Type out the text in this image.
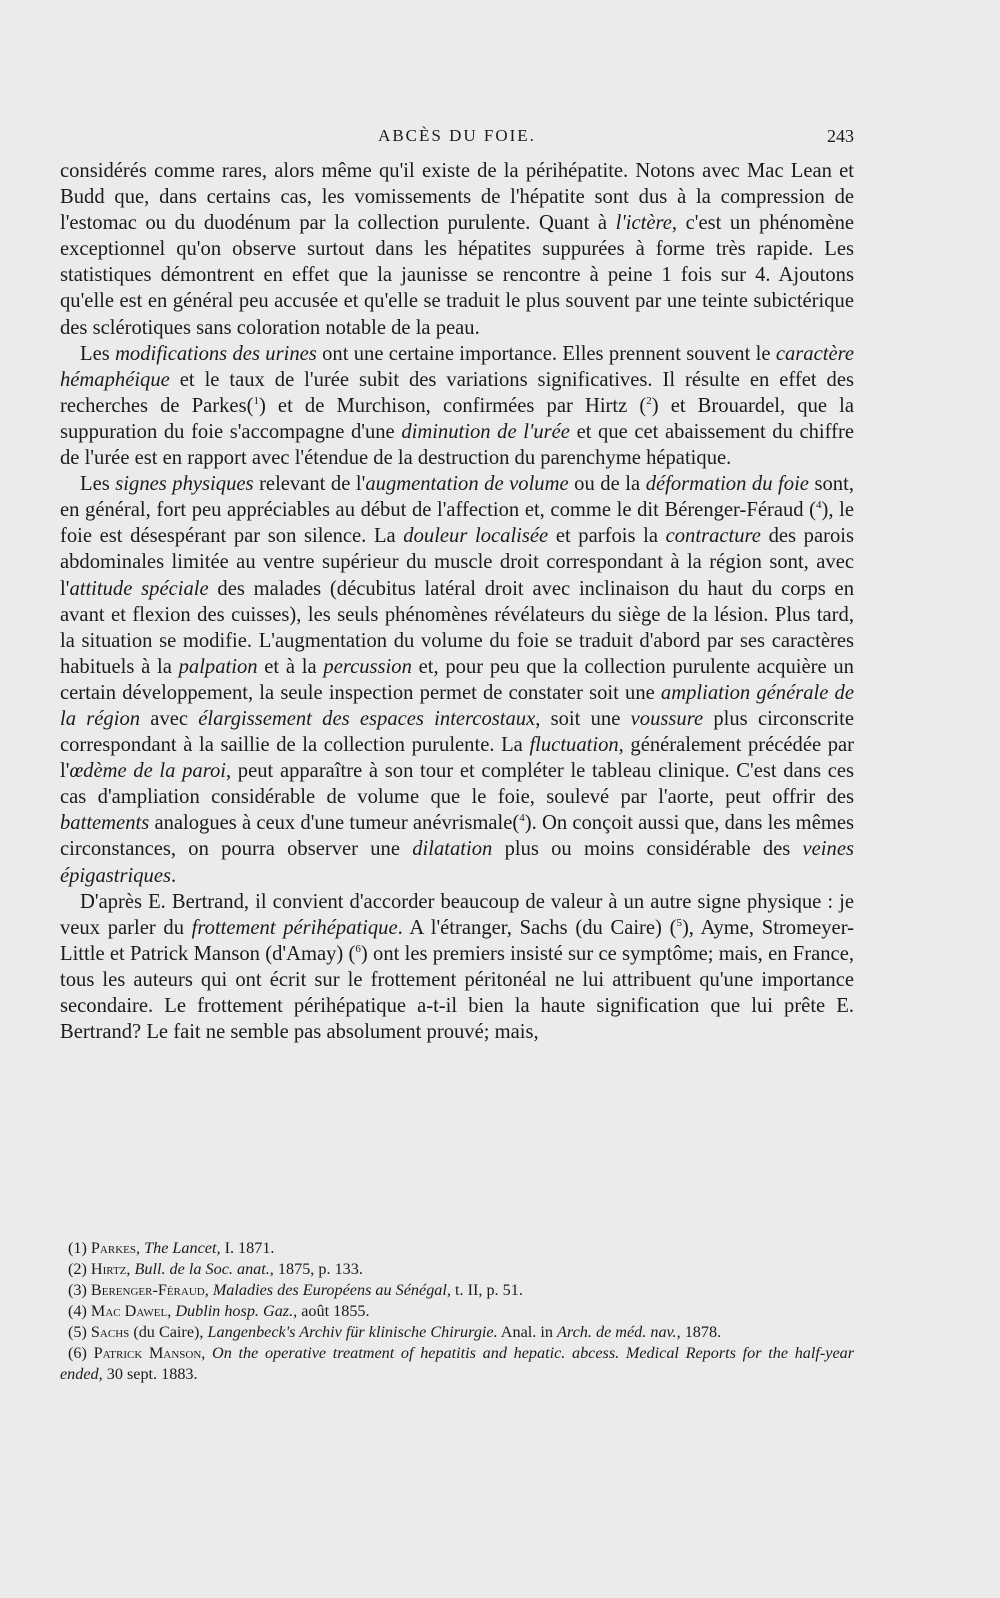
ABCÈS DU FOIE.	243

considérés comme rares, alors même qu'il existe de la périhépatite. Notons avec Mac Lean et Budd que, dans certains cas, les vomissements de l'hépatite sont dus à la compression de l'estomac ou du duodénum par la collection purulente. Quant à l'ictère, c'est un phénomène exceptionnel qu'on observe surtout dans les hépatites suppurées à forme très rapide. Les statistiques démontrent en effet que la jaunisse se rencontre à peine 1 fois sur 4. Ajoutons qu'elle est en général peu accusée et qu'elle se traduit le plus souvent par une teinte subictérique des sclérotiques sans coloration notable de la peau.

Les modifications des urines ont une certaine importance. Elles prennent souvent le caractère hémaphéique et le taux de l'urée subit des variations significatives. Il résulte en effet des recherches de Parkes($^1$) et de Murchison, confirmées par Hirtz ($^2$) et Brouardel, que la suppuration du foie s'accompagne d'une diminution de l'urée et que cet abaissement du chiffre de l'urée est en rapport avec l'étendue de la destruction du parenchyme hépatique.

Les signes physiques relevant de l'augmentation de volume ou de la déformation du foie sont, en général, fort peu appréciables au début de l'affection et, comme le dit Bérenger-Féraud ($^4$), le foie est désespérant par son silence. La douleur localisée et parfois la contracture des parois abdominales limitée au ventre supérieur du muscle droit correspondant à la région sont, avec l'attitude spéciale des malades (décubitus latéral droit avec inclinaison du haut du corps en avant et flexion des cuisses), les seuls phénomènes révélateurs du siège de la lésion. Plus tard, la situation se modifie. L'augmentation du volume du foie se traduit d'abord par ses caractères habituels à la palpation et à la percussion et, pour peu que la collection purulente acquière un certain développement, la seule inspection permet de constater soit une ampliation générale de la région avec élargissement des espaces intercostaux, soit une voussure plus circonscrite correspondant à la saillie de la collection purulente. La fluctuation, généralement précédée par l'œdème de la paroi, peut apparaître à son tour et compléter le tableau clinique. C'est dans ces cas d'ampliation considérable de volume que le foie, soulevé par l'aorte, peut offrir des battements analogues à ceux d'une tumeur anévrismale($^4$). On conçoit aussi que, dans les mêmes circonstances, on pourra observer une dilatation plus ou moins considérable des veines épigastriques.

D'après E. Bertrand, il convient d'accorder beaucoup de valeur à un autre signe physique : je veux parler du frottement périhépatique. A l'étranger, Sachs (du Caire) ($^5$), Ayme, Stromeyer-Little et Patrick Manson (d'Amay) ($^6$) ont les premiers insisté sur ce symptôme; mais, en France, tous les auteurs qui ont écrit sur le frottement péritonéal ne lui attribuent qu'une importance secondaire. Le frottement périhépatique a-t-il bien la haute signification que lui prête E. Bertrand? Le fait ne semble pas absolument prouvé; mais,

(1) Parkes, The Lancet, I. 1871.

(2) Hirtz, Bull. de la Soc. anat., 1875, p. 133.

(3) Berenger-Féraud, Maladies des Européens au Sénégal, t. II, p. 51.

(4) Mac Dawel, Dublin hosp. Gaz., août 1855.

(5) Sachs (du Caire), Langenbeck's Archiv für klinische Chirurgie. Anal. in Arch. de méd. nav., 1878.

(6) Patrick Manson, On the operative treatment of hepatitis and hepatic. abcess. Medical Reports for the half-year ended, 30 sept. 1883.
